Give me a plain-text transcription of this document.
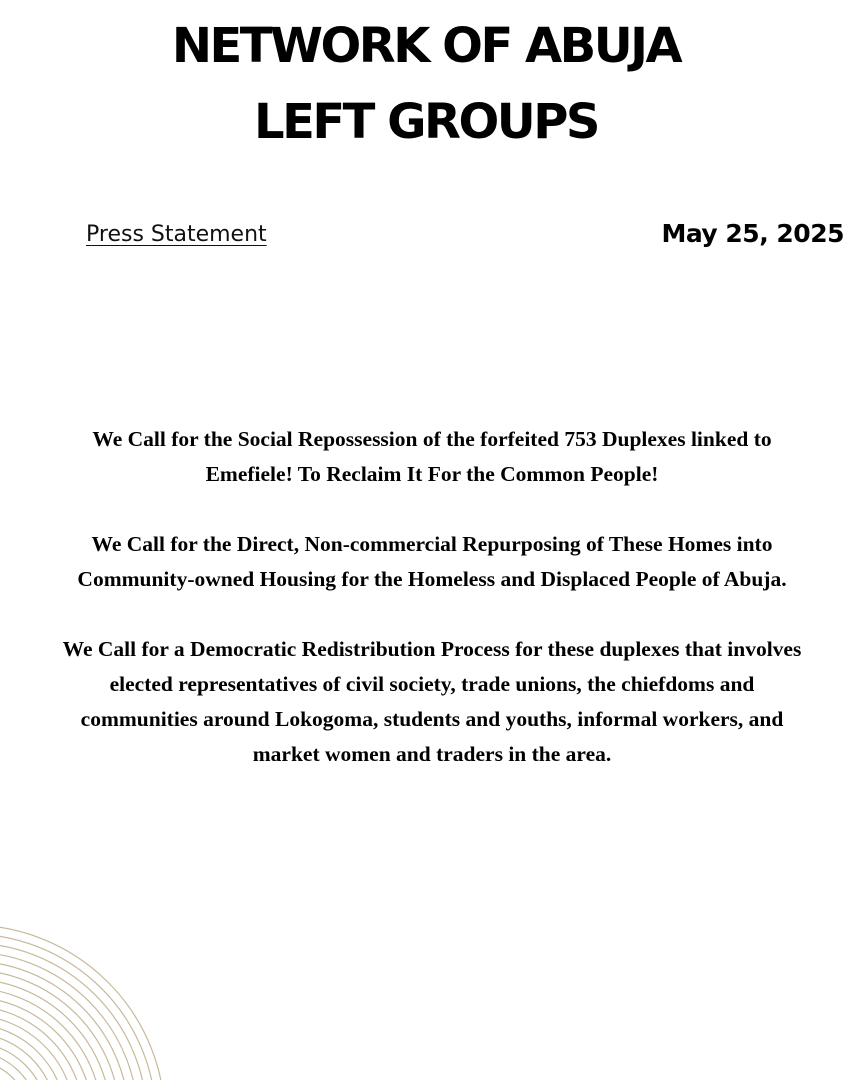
NETWORK OF ABUJA
LEFT GROUPS
Press Statement	May 25, 2025

We Call for the Social Repossession of the forfeited 753 Duplexes linked to
Emefiele! To Reclaim It For the Common People!

We Call for the Direct, Non-commercial Repurposing of These Homes into
Community-owned Housing for the Homeless and Displaced People of Abuja.

We Call for a Democratic Redistribution Process for these duplexes that involves
elected representatives of civil society, trade unions, the chiefdoms and
communities around Lokogoma, students and youths, informal workers, and
market women and traders in the area.
